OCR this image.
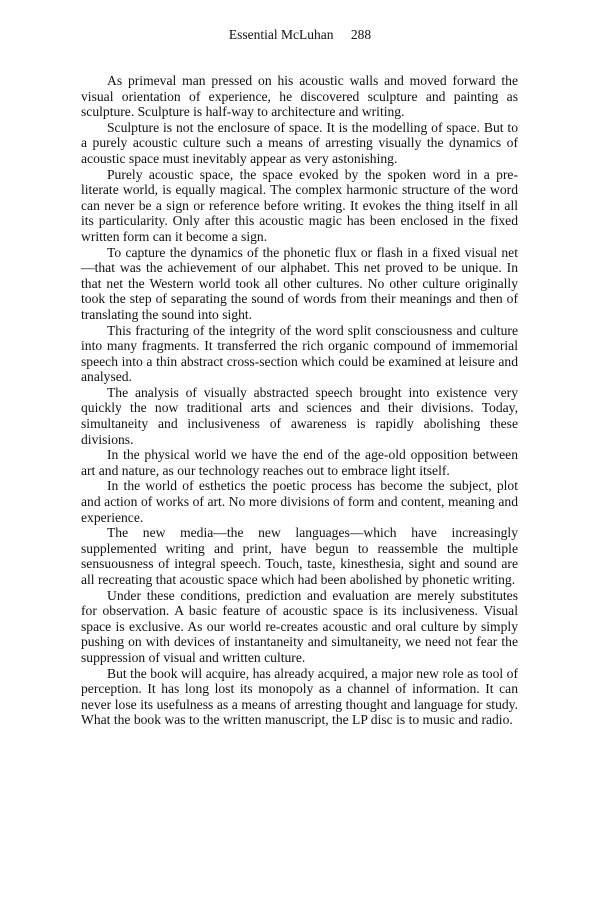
Essential McLuhan 288

As primeval man pressed on his acoustic walls and moved forward the visual orientation of experience, he discovered sculpture and painting as sculpture. Sculpture is half-way to architecture and writing.

Sculpture is not the enclosure of space. It is the modelling of space. But to a purely acoustic culture such a means of arresting visually the dynamics of acoustic space must inevitably appear as very astonishing.

Purely acoustic space, the space evoked by the spoken word in a pre-literate world, is equally magical. The complex harmonic structure of the word can never be a sign or reference before writing. It evokes the thing itself in all its particularity. Only after this acoustic magic has been enclosed in the fixed written form can it become a sign.

To capture the dynamics of the phonetic flux or flash in a fixed visual net—that was the achievement of our alphabet. This net proved to be unique. In that net the Western world took all other cultures. No other culture originally took the step of separating the sound of words from their meanings and then of translating the sound into sight.

This fracturing of the integrity of the word split consciousness and culture into many fragments. It transferred the rich organic compound of immemorial speech into a thin abstract cross-section which could be examined at leisure and analysed.

The analysis of visually abstracted speech brought into existence very quickly the now traditional arts and sciences and their divisions. Today, simultaneity and inclusiveness of awareness is rapidly abolishing these divisions.

In the physical world we have the end of the age-old opposition between art and nature, as our technology reaches out to embrace light itself.

In the world of esthetics the poetic process has become the subject, plot and action of works of art. No more divisions of form and content, meaning and experience.

The new media—the new languages—which have increasingly supplemented writing and print, have begun to reassemble the multiple sensuousness of integral speech. Touch, taste, kinesthesia, sight and sound are all recreating that acoustic space which had been abolished by phonetic writing.

Under these conditions, prediction and evaluation are merely substitutes for observation. A basic feature of acoustic space is its inclusiveness. Visual space is exclusive. As our world re-creates acoustic and oral culture by simply pushing on with devices of instantaneity and simultaneity, we need not fear the suppression of visual and written culture.

But the book will acquire, has already acquired, a major new role as tool of perception. It has long lost its monopoly as a channel of information. It can never lose its usefulness as a means of arresting thought and language for study. What the book was to the written manuscript, the LP disc is to music and radio.
